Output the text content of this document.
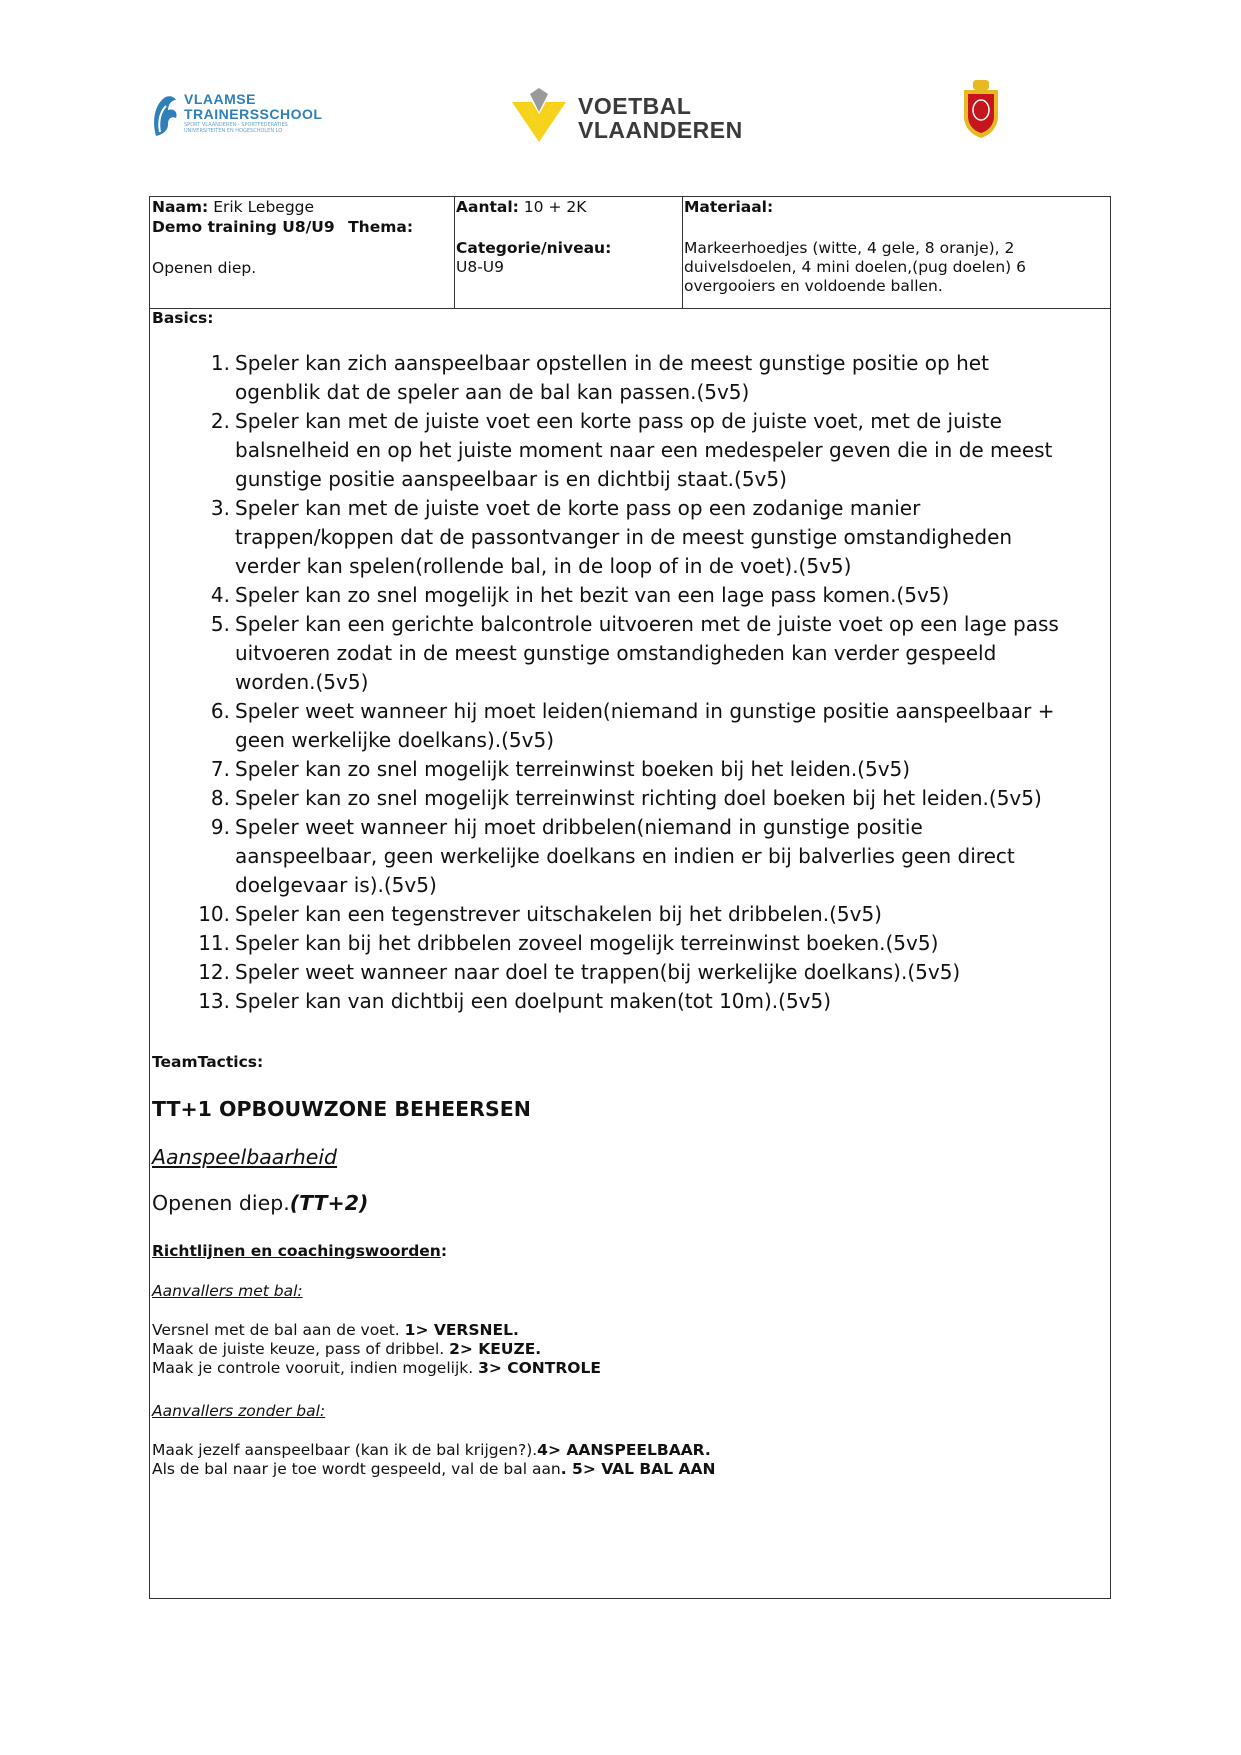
VLAAMSE
TRAINERSSCHOOL
SPORT VLAANDEREN - SPORTFEDERATIES
UNIVERSITEITEN EN HOGESCHOLEN LO
VOETBAL
VLAANDEREN
Naam: Erik Lebegge
Demo training U8/U9 Thema:
Openen diep.
Aantal: 10 + 2K
Categorie/niveau:
U8-U9
Materiaal:
Markeerhoedjes (witte, 4 gele, 8 oranje), 2
duivelsdoelen, 4 mini doelen,(pug doelen) 6
overgooiers en voldoende ballen.
Basics:
1. Speler kan zich aanspeelbaar opstellen in de meest gunstige positie op het
ogenblik dat de speler aan de bal kan passen.(5v5)
2. Speler kan met de juiste voet een korte pass op de juiste voet, met de juiste
balsnelheid en op het juiste moment naar een medespeler geven die in de meest
gunstige positie aanspeelbaar is en dichtbij staat.(5v5)
3. Speler kan met de juiste voet de korte pass op een zodanige manier
trappen/koppen dat de passontvanger in de meest gunstige omstandigheden
verder kan spelen(rollende bal, in de loop of in de voet).(5v5)
4. Speler kan zo snel mogelijk in het bezit van een lage pass komen.(5v5)
5. Speler kan een gerichte balcontrole uitvoeren met de juiste voet op een lage pass
uitvoeren zodat in de meest gunstige omstandigheden kan verder gespeeld
worden.(5v5)
6. Speler weet wanneer hij moet leiden(niemand in gunstige positie aanspeelbaar +
geen werkelijke doelkans).(5v5)
7. Speler kan zo snel mogelijk terreinwinst boeken bij het leiden.(5v5)
8. Speler kan zo snel mogelijk terreinwinst richting doel boeken bij het leiden.(5v5)
9. Speler weet wanneer hij moet dribbelen(niemand in gunstige positie
aanspeelbaar, geen werkelijke doelkans en indien er bij balverlies geen direct
doelgevaar is).(5v5)
10. Speler kan een tegenstrever uitschakelen bij het dribbelen.(5v5)
11. Speler kan bij het dribbelen zoveel mogelijk terreinwinst boeken.(5v5)
12. Speler weet wanneer naar doel te trappen(bij werkelijke doelkans).(5v5)
13. Speler kan van dichtbij een doelpunt maken(tot 10m).(5v5)
TeamTactics:
TT+1 OPBOUWZONE BEHEERSEN
Aanspeelbaarheid
Openen diep.(TT+2)
Richtlijnen en coachingswoorden:
Aanvallers met bal:
Versnel met de bal aan de voet. 1> VERSNEL.
Maak de juiste keuze, pass of dribbel. 2> KEUZE.
Maak je controle vooruit, indien mogelijk. 3> CONTROLE
Aanvallers zonder bal:
Maak jezelf aanspeelbaar (kan ik de bal krijgen?).4> AANSPEELBAAR.
Als de bal naar je toe wordt gespeeld, val de bal aan. 5> VAL BAL AAN
